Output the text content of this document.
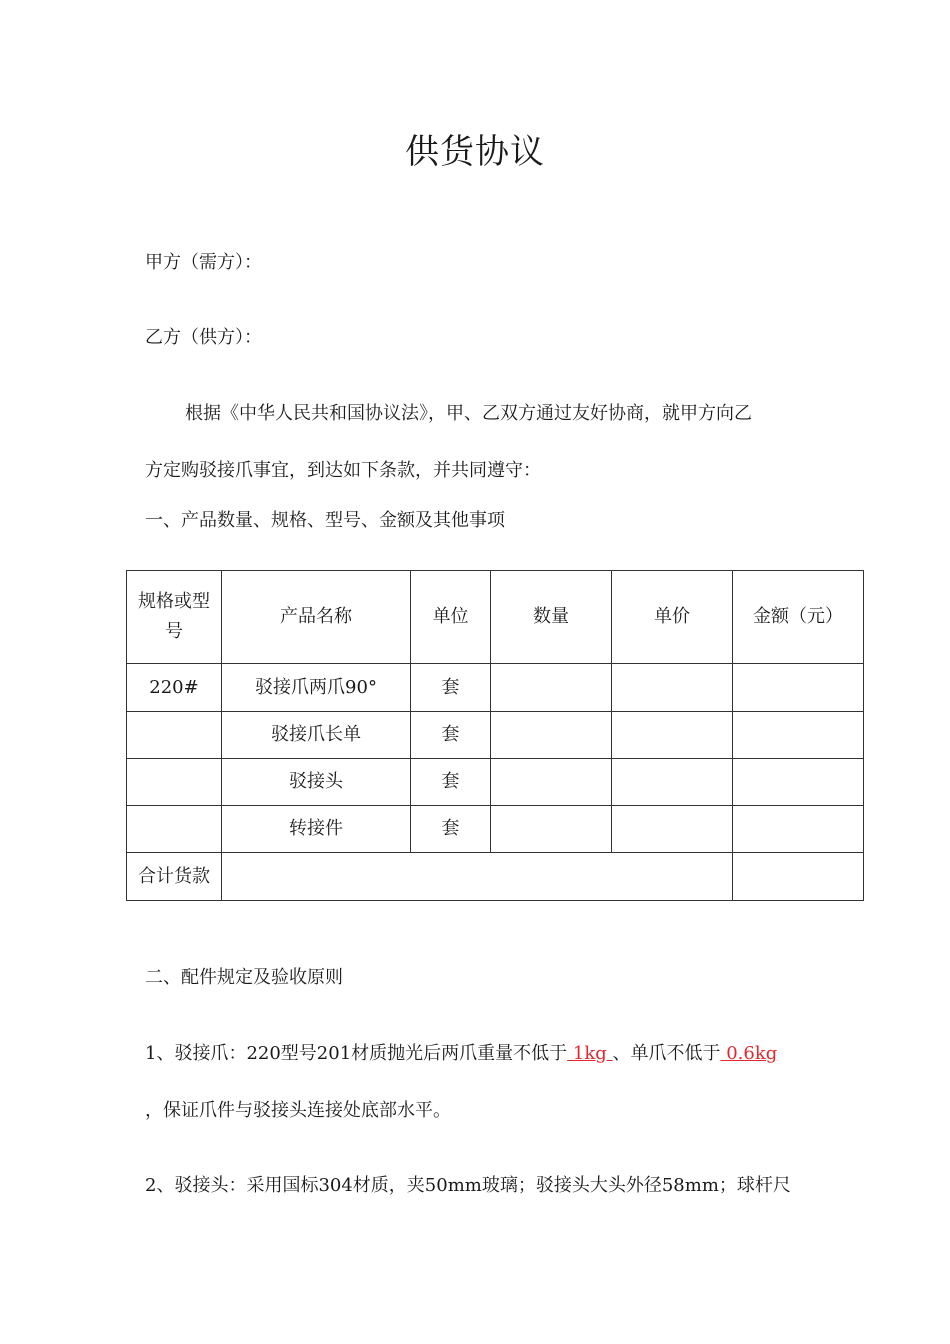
供货协议
甲方（需方）：
乙方（供方）：
根据《中华人民共和国协议法》，甲、乙双方通过友好协商，就甲方向乙
方定购驳接爪事宜，到达如下条款，并共同遵守：
一、产品数量、规格、型号、金额及其他事项
规格或型号	产品名称	单位	数量	单价	金额（元）
220#	驳接爪两爪90°	套			
	驳接爪长单	套			
	驳接头	套			
	转接件	套			
合计货款					
二、配件规定及验收原则
1、驳接爪：220型号201材质抛光后两爪重量不低于 1kg 、单爪不低于 0.6kg
，保证爪件与驳接头连接处底部水平。
2、驳接头：采用国标304材质，夹50mm玻璃；驳接头大头外径58mm；球杆尺
